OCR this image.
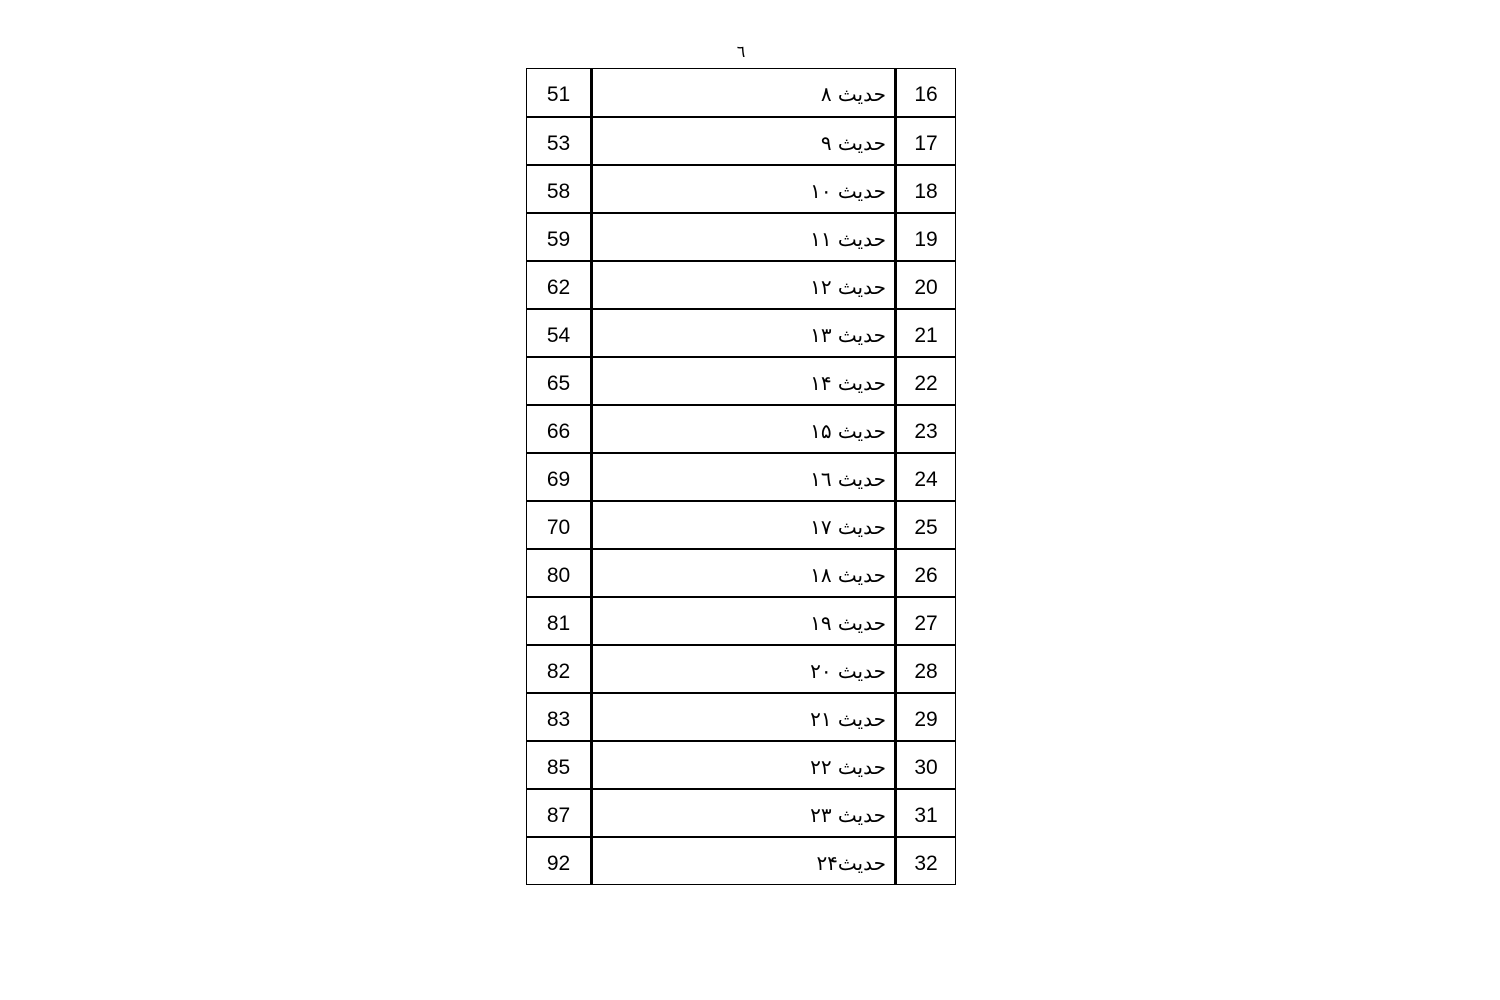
٦
51	حدیث ۸	16
53	حدیث ۹	17
58	حدیث ١٠	18
59	حدیث ١١	19
62	حدیث ١٢	20
54	حدیث ١٣	21
65	حدیث ١۴	22
66	حدیث ١۵	23
69	حدیث ١٦	24
70	حدیث ١۷	25
80	حدیث ١۸	26
81	حدیث ١۹	27
82	حدیث ٢٠	28
83	حدیث ٢١	29
85	حدیث ٢٢	30
87	حدیث ٢٣	31
92	حدیث٢۴	32
